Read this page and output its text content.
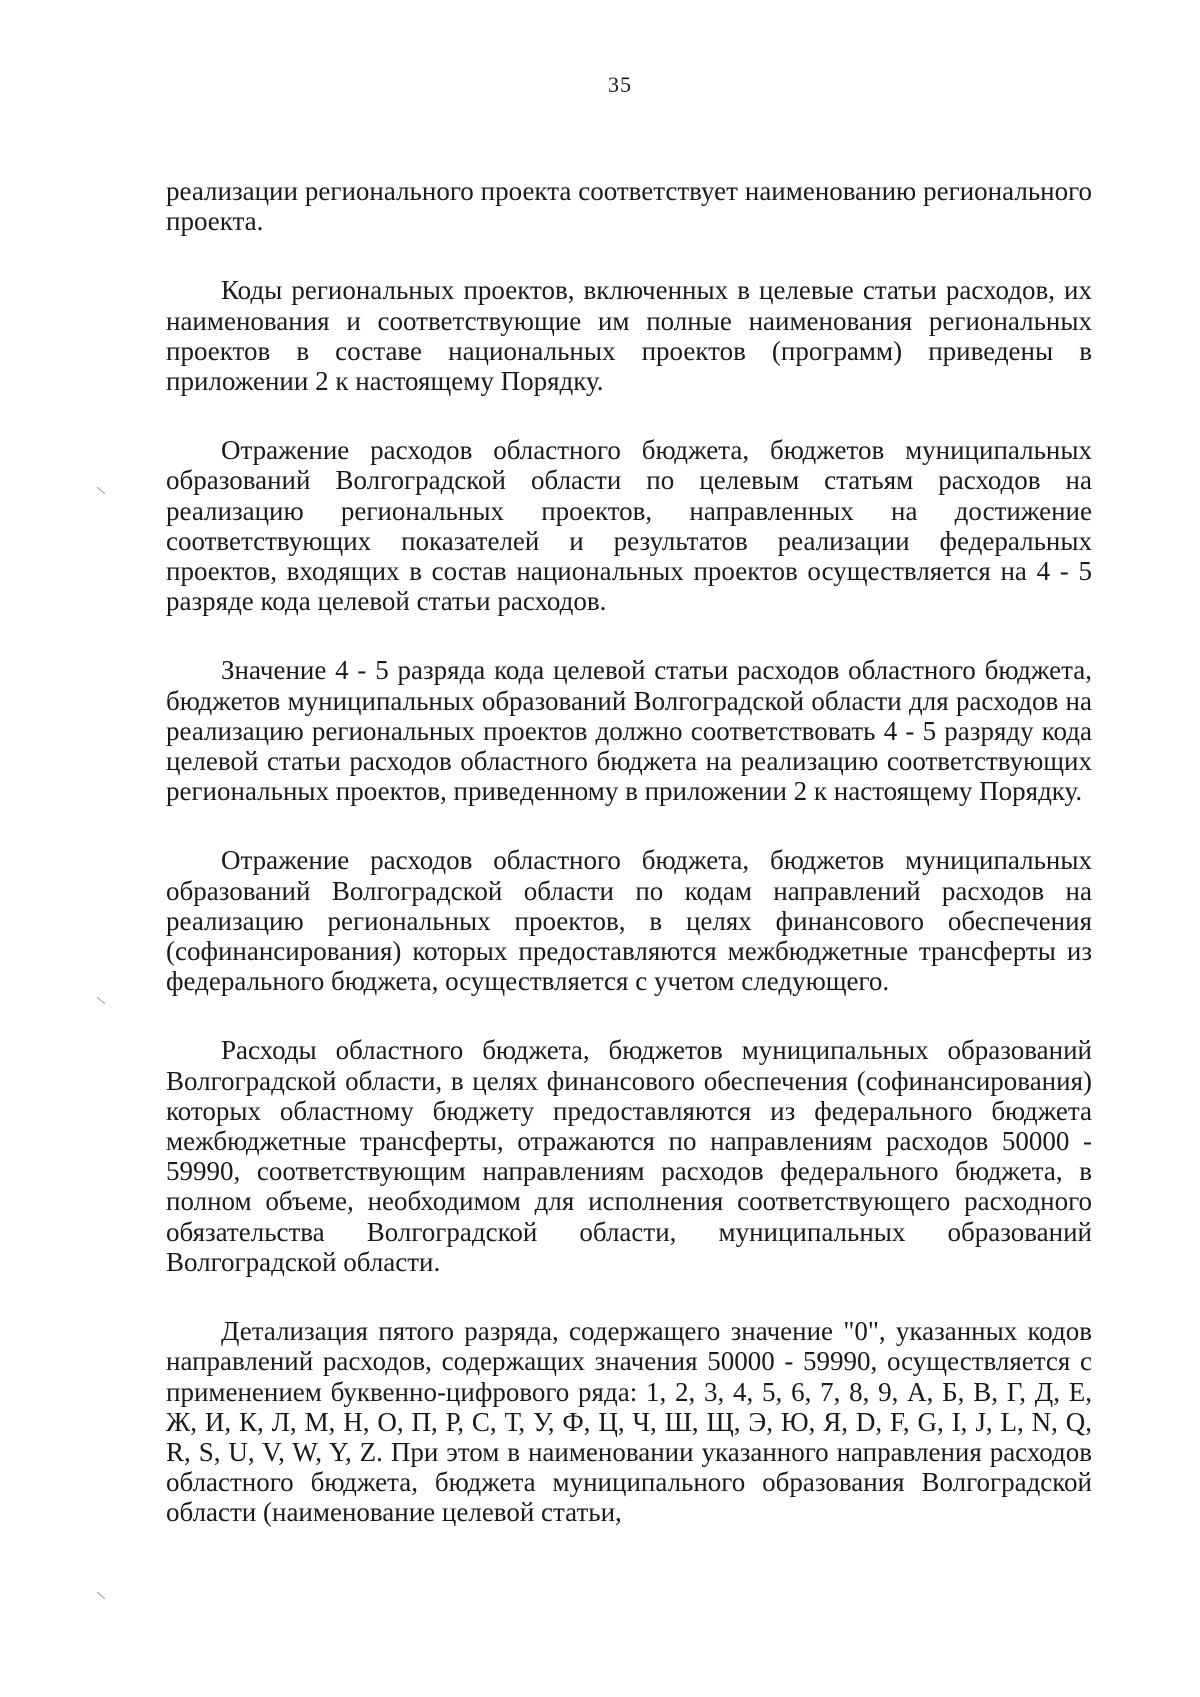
35

реализации регионального проекта соответствует наименованию регионального проекта.

Коды региональных проектов, включенных в целевые статьи расходов, их наименования и соответствующие им полные наименования региональных проектов в составе национальных проектов (программ) приведены в приложении 2 к настоящему Порядку.

Отражение расходов областного бюджета, бюджетов муниципальных образований Волгоградской области по целевым статьям расходов на реализацию региональных проектов, направленных на достижение соответствующих показателей и результатов реализации федеральных проектов, входящих в состав национальных проектов осуществляется на 4 - 5 разряде кода целевой статьи расходов.

Значение 4 - 5 разряда кода целевой статьи расходов областного бюджета, бюджетов муниципальных образований Волгоградской области для расходов на реализацию региональных проектов должно соответствовать 4 - 5 разряду кода целевой статьи расходов областного бюджета на реализацию соответствующих региональных проектов, приведенному в приложении 2 к настоящему Порядку.

Отражение расходов областного бюджета, бюджетов муниципальных образований Волгоградской области по кодам направлений расходов на реализацию региональных проектов, в целях финансового обеспечения (софинансирования) которых предоставляются межбюджетные трансферты из федерального бюджета, осуществляется с учетом следующего.

Расходы областного бюджета, бюджетов муниципальных образований Волгоградской области, в целях финансового обеспечения (софинансирования) которых областному бюджету предоставляются из федерального бюджета межбюджетные трансферты, отражаются по направлениям расходов 50000 - 59990, соответствующим направлениям расходов федерального бюджета, в полном объеме, необходимом для исполнения соответствующего расходного обязательства Волгоградской области, муниципальных образований Волгоградской области.

Детализация пятого разряда, содержащего значение "0", указанных кодов направлений расходов, содержащих значения 50000 - 59990, осуществляется с применением буквенно-цифрового ряда: 1, 2, 3, 4, 5, 6, 7, 8, 9, А, Б, В, Г, Д, Е, Ж, И, К, Л, М, Н, О, П, Р, С, Т, У, Ф, Ц, Ч, Ш, Щ, Э, Ю, Я, D, F, G, I, J, L, N, Q, R, S, U, V, W, Y, Z. При этом в наименовании указанного направления расходов областного бюджета, бюджета муниципального образования Волгоградской области (наименование целевой статьи,
